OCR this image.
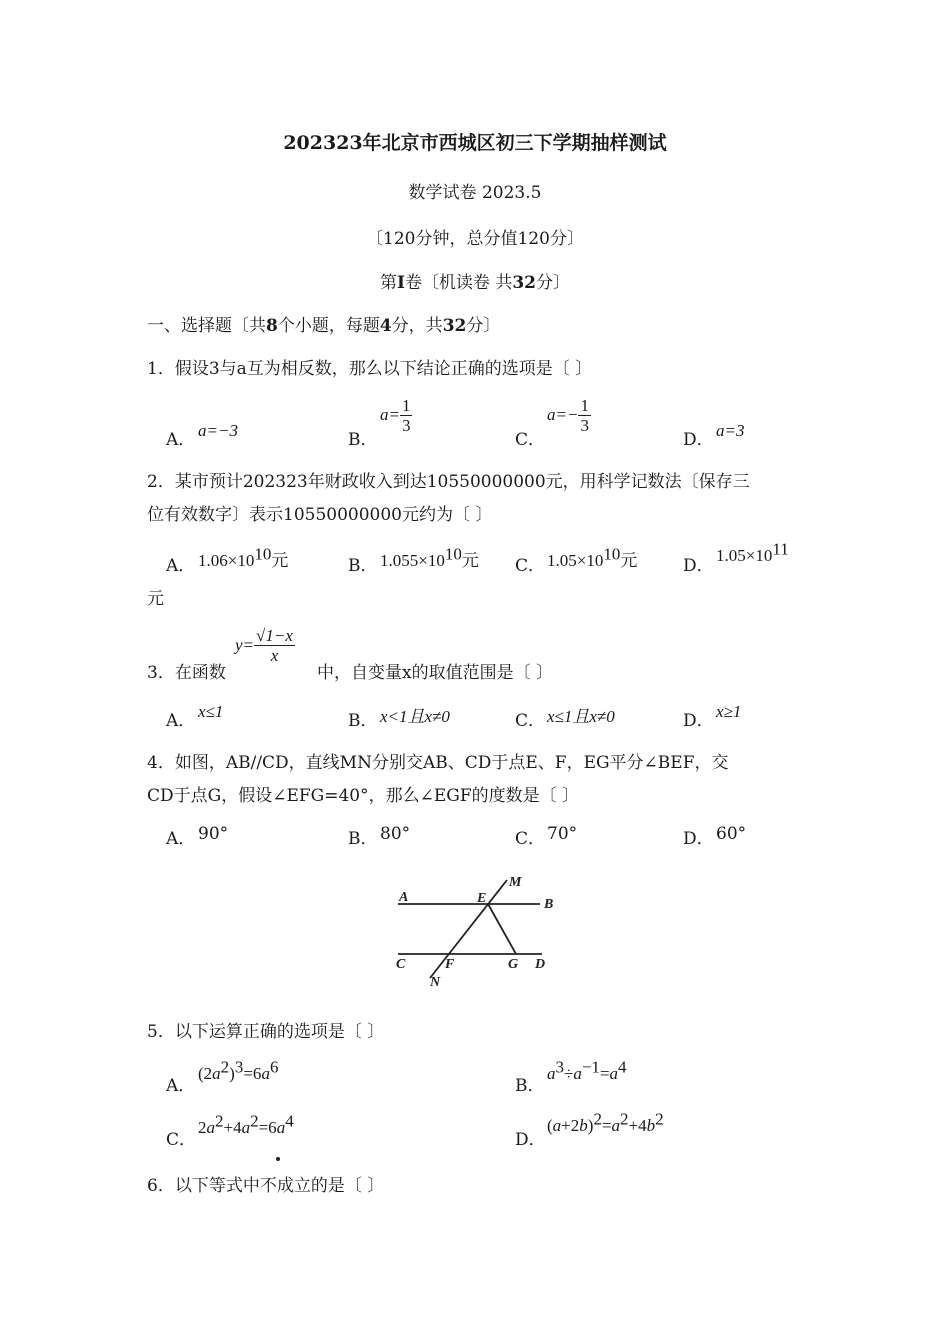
202323年北京市西城区初三下学期抽样测试
数学试卷 2023.5
〔120分钟，总分值120分〕
第I卷〔机读卷 共32分〕
一、选择题〔共8个小题，每题4分，共32分〕
1．假设3与a互为相反数，那么以下结论正确的选项是〔 〕
A． a=−3	B．
$a= \frac{1}{3}$
C．
$a=- \frac{1}{3}$
D． a=3
2．某市预计202323年财政收入到达10550000000元，用科学记数法〔保存三
位有效数字〕表示10550000000元约为〔 〕
A． $1.06\times 10^{10}$元	B． $1.055\times 10^{10}$元 C． $1.05\times 10^{10}$元	D．
$1.05\times 10^{11}$
元
3．在函数
$y= \frac{√1-x}{x}$
中，自变量x的取值范围是〔 〕
A． x≤1	B． x<1且x≠0	C． x≤1且x≠0	D． x≥1
4．如图，AB//CD，直线MN分别交AB、CD于点E、F，EG平分∠BEF，交
CD于点G，假设∠EFG=40°，那么∠EGF的度数是〔 〕
A． 90°	B． 80°	C． 70°	D． 60°
A	B
C	D
E
F	G
M
N
5．以下运算正确的选项是〔 〕
A．
$(2a^2)^3=6a^6$
B．
$a^3\div a^{-1}=a^4$
C．
$2a^2+4a^2=6a^4$
D．
$(a+2b)^2=a^2+4b^2$
6．以下等式中不成立的是〔 〕
